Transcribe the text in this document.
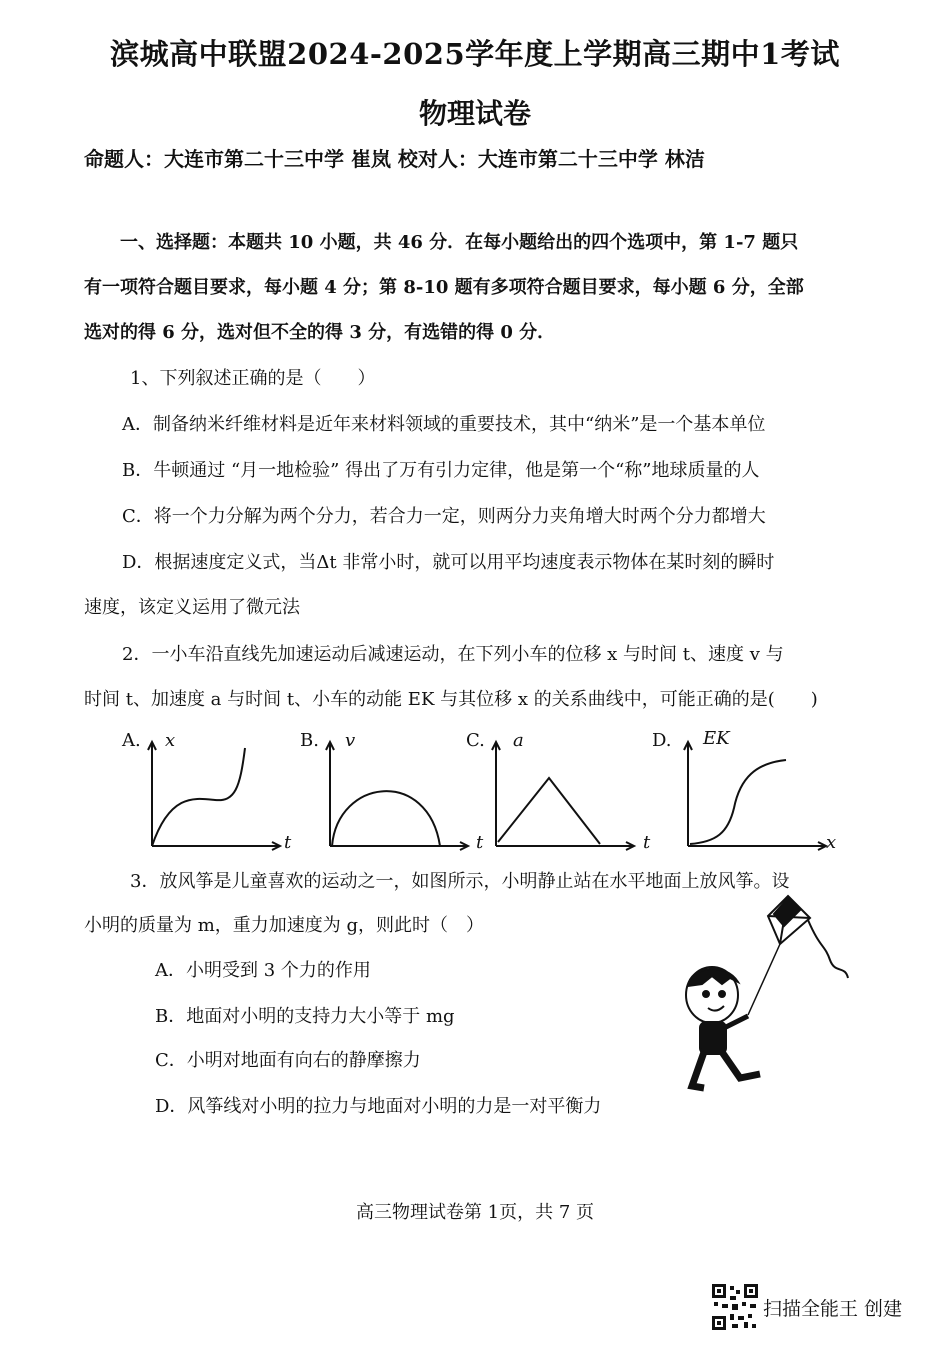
滨城高中联盟2024-2025学年度上学期高三期中1考试
物理试卷
命题人：大连市第二十三中学 崔岚 校对人：大连市第二十三中学 林洁
一、选择题：本题共 10 小题，共 46 分．在每小题给出的四个选项中，第 1-7 题只
有一项符合题目要求，每小题 4 分；第 8-10 题有多项符合题目要求，每小题 6 分，全部
选对的得 6 分，选对但不全的得 3 分，有选错的得 0 分．
1、下列叙述正确的是（　　）
A．制备纳米纤维材料是近年来材料领域的重要技术，其中“纳米”是一个基本单位
B．牛顿通过 “月一地检验” 得出了万有引力定律，他是第一个“称”地球质量的人
C．将一个力分解为两个分力，若合力一定，则两分力夹角增大时两个分力都增大
D．根据速度定义式，当Δt 非常小时，就可以用平均速度表示物体在某时刻的瞬时
速度，该定义运用了微元法
2．一小车沿直线先加速运动后减速运动，在下列小车的位移 x 与时间 t、速度 v 与
时间 t、加速度 a 与时间 t、小车的动能 EK 与其位移 x 的关系曲线中，可能正确的是(　　)
A. x
t
B. v
t
C. a
t
D. EK
x
3．放风筝是儿童喜欢的运动之一，如图所示，小明静止站在水平地面上放风筝。设
小明的质量为 m，重力加速度为 g，则此时（　）
A．小明受到 3 个力的作用
B．地面对小明的支持力大小等于 mg
C．小明对地面有向右的静摩擦力
D．风筝线对小明的拉力与地面对小明的力是一对平衡力
高三物理试卷第 1页，共 7 页
扫描全能王 创建
